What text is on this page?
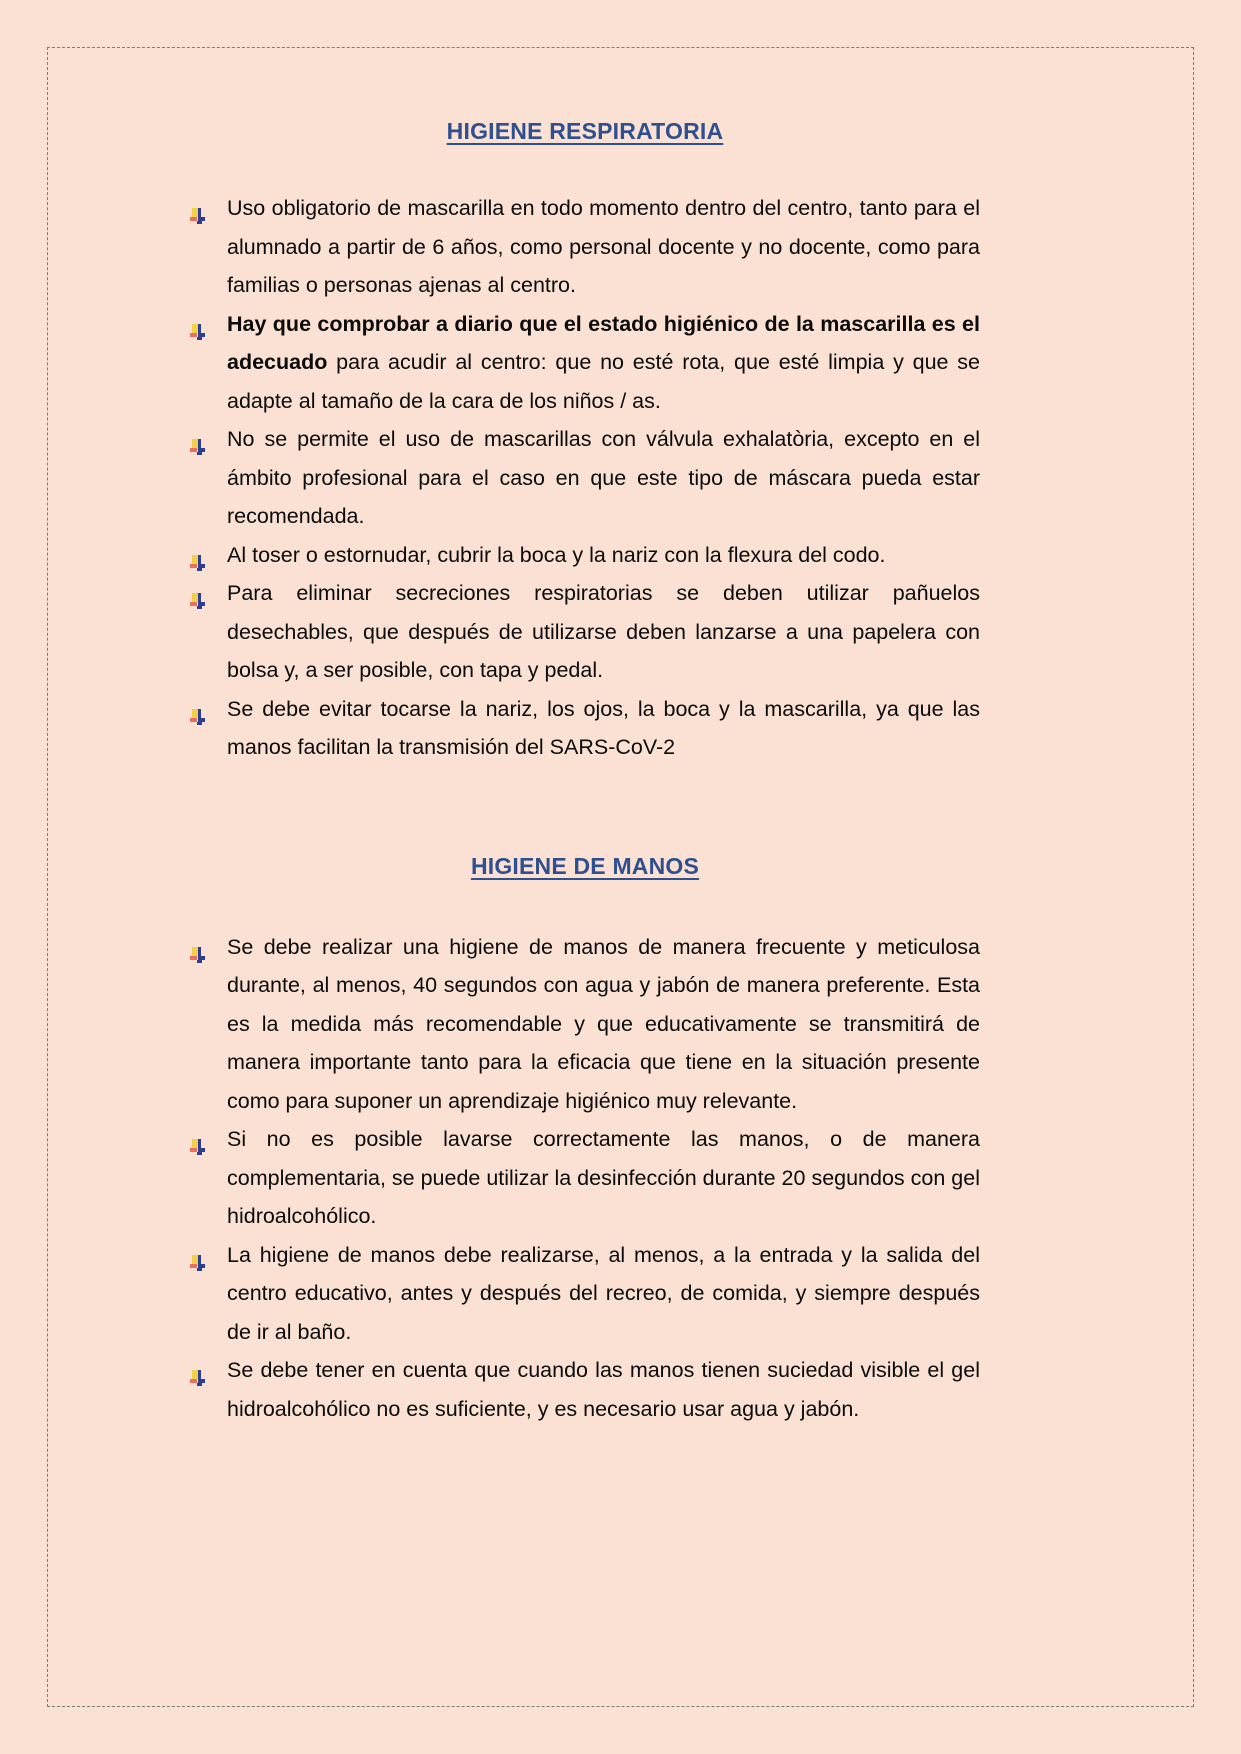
HIGIENE RESPIRATORIA
Uso obligatorio de mascarilla en todo momento dentro del centro, tanto para el alumnado a partir de 6 años, como personal docente y no docente, como para familias o personas ajenas al centro.
Hay que comprobar a diario que el estado higiénico de la mascarilla es el adecuado para acudir al centro: que no esté rota, que esté limpia y que se adapte al tamaño de la cara de los niños / as.
No se permite el uso de mascarillas con válvula exhalatòria, excepto en el ámbito profesional para el caso en que este tipo de máscara pueda estar recomendada.
Al toser o estornudar, cubrir la boca y la nariz con la flexura del codo.
Para eliminar secreciones respiratorias se deben utilizar pañuelos desechables, que después de utilizarse deben lanzarse a una papelera con bolsa y, a ser posible, con tapa y pedal.
Se debe evitar tocarse la nariz, los ojos, la boca y la mascarilla, ya que las manos facilitan la transmisión del SARS-CoV-2
HIGIENE DE MANOS
Se debe realizar una higiene de manos de manera frecuente y meticulosa durante, al menos, 40 segundos con agua y jabón de manera preferente. Esta es la medida más recomendable y que educativamente se transmitirá de manera importante tanto para la eficacia que tiene en la situación presente como para suponer un aprendizaje higiénico muy relevante.
Si no es posible lavarse correctamente las manos, o de manera complementaria, se puede utilizar la desinfección durante 20 segundos con gel hidroalcohólico.
La higiene de manos debe realizarse, al menos, a la entrada y la salida del centro educativo, antes y después del recreo, de comida, y siempre después de ir al baño.
Se debe tener en cuenta que cuando las manos tienen suciedad visible el gel hidroalcohólico no es suficiente, y es necesario usar agua y jabón.
